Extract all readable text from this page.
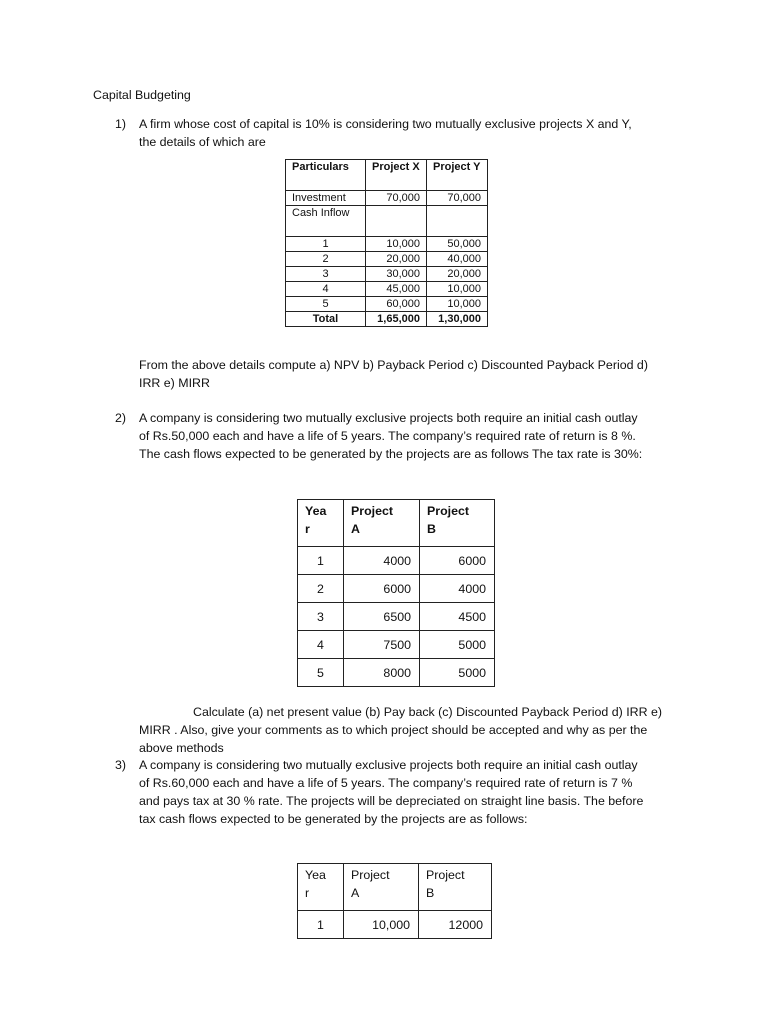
Capital Budgeting
1) A firm whose cost of capital is 10% is considering two mutually exclusive projects X and Y,
the details of which are
Particulars	Project X	Project Y
Investment	70,000	70,000
Cash Inflow		
1	10,000	50,000
2	20,000	40,000
3	30,000	20,000
4	45,000	10,000
5	60,000	10,000
Total	1,65,000	1,30,000
From the above details compute a) NPV b) Payback Period c) Discounted Payback Period d)
IRR e) MIRR
2) A company is considering two mutually exclusive projects both require an initial cash outlay
of Rs.50,000 each and have a life of 5 years. The company’s required rate of return is 8 %.
The cash flows expected to be generated by the projects are as follows The tax rate is 30%:
Year	Project A	Project B

1	4000	6000
2	6000	4000
3	6500	4500
4	7500	5000
5	8000	5000
Calculate (a) net present value (b) Pay back (c) Discounted Payback Period d) IRR e)
MIRR . Also, give your comments as to which project should be accepted and why as per the
above methods
3) A company is considering two mutually exclusive projects both require an initial cash outlay
of Rs.60,000 each and have a life of 5 years. The company’s required rate of return is 7 %
and pays tax at 30 % rate. The projects will be depreciated on straight line basis. The before
tax cash flows expected to be generated by the projects are as follows:
Year	Project A	Project B

1	10,000	12000
